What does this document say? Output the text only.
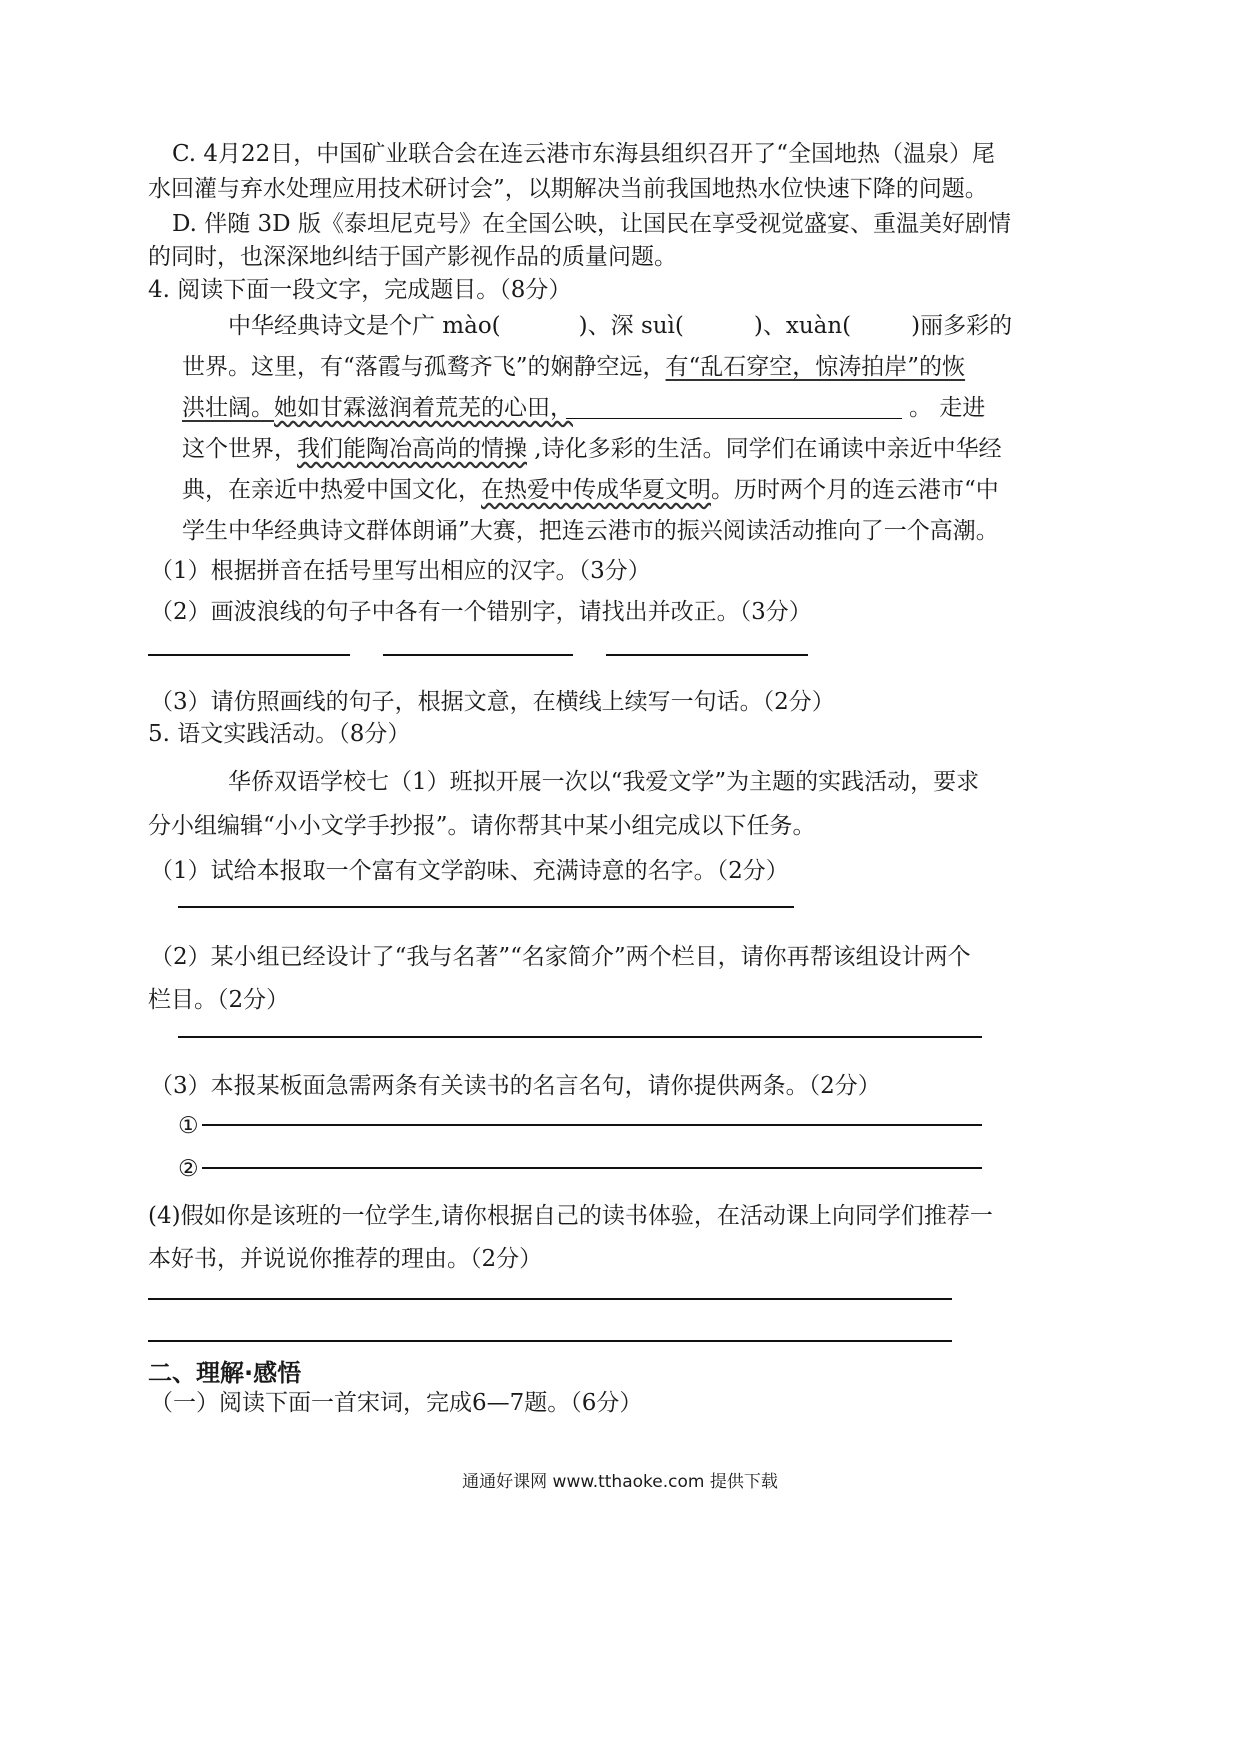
C. 4月22日，中国矿业联合会在连云港市东海县组织召开了“全国地热（温泉）尾
水回灌与弃水处理应用技术研讨会”，以期解决当前我国地热水位快速下降的问题。
D. 伴随 3D 版《泰坦尼克号》在全国公映，让国民在享受视觉盛宴、重温美好剧情
的同时，也深深地纠结于国产影视作品的质量问题。
4. 阅读下面一段文字，完成题目。（8分）
中华经典诗文是个广 mào(	)、深 suì(	)、xuàn(	)丽多彩的
世界。这里，有“落霞与孤鹜齐飞”的娴静空远，有“乱石穿空，惊涛拍岸”的恢
洪壮阔。她如甘霖滋润着荒芜的心田，	。 走进
这个世界，我们能陶冶高尚的情操 ,诗化多彩的生活。同学们在诵读中亲近中华经
典，在亲近中热爱中国文化，在热爱中传成华夏文明。历时两个月的连云港市“中
学生中华经典诗文群体朗诵”大赛，把连云港市的振兴阅读活动推向了一个高潮。
（1）根据拼音在括号里写出相应的汉字。（3分）
（2）画波浪线的句子中各有一个错别字，请找出并改正。（3分）
（3）请仿照画线的句子，根据文意，在横线上续写一句话。（2分）
5. 语文实践活动。（8分）
华侨双语学校七（1）班拟开展一次以“我爱文学”为主题的实践活动，要求
分小组编辑“小小文学手抄报”。请你帮其中某小组完成以下任务。
（1）试给本报取一个富有文学韵味、充满诗意的名字。（2分）
（2）某小组已经设计了“我与名著”“名家简介”两个栏目，请你再帮该组设计两个
栏目。（2分）
（3）本报某板面急需两条有关读书的名言名句，请你提供两条。（2分）
①
②
(4)假如你是该班的一位学生,请你根据自己的读书体验，在活动课上向同学们推荐一
本好书，并说说你推荐的理由。（2分）
二、理解·感悟
（一）阅读下面一首宋词，完成6—7题。（6分）
通通好课网 www.tthaoke.com 提供下载
